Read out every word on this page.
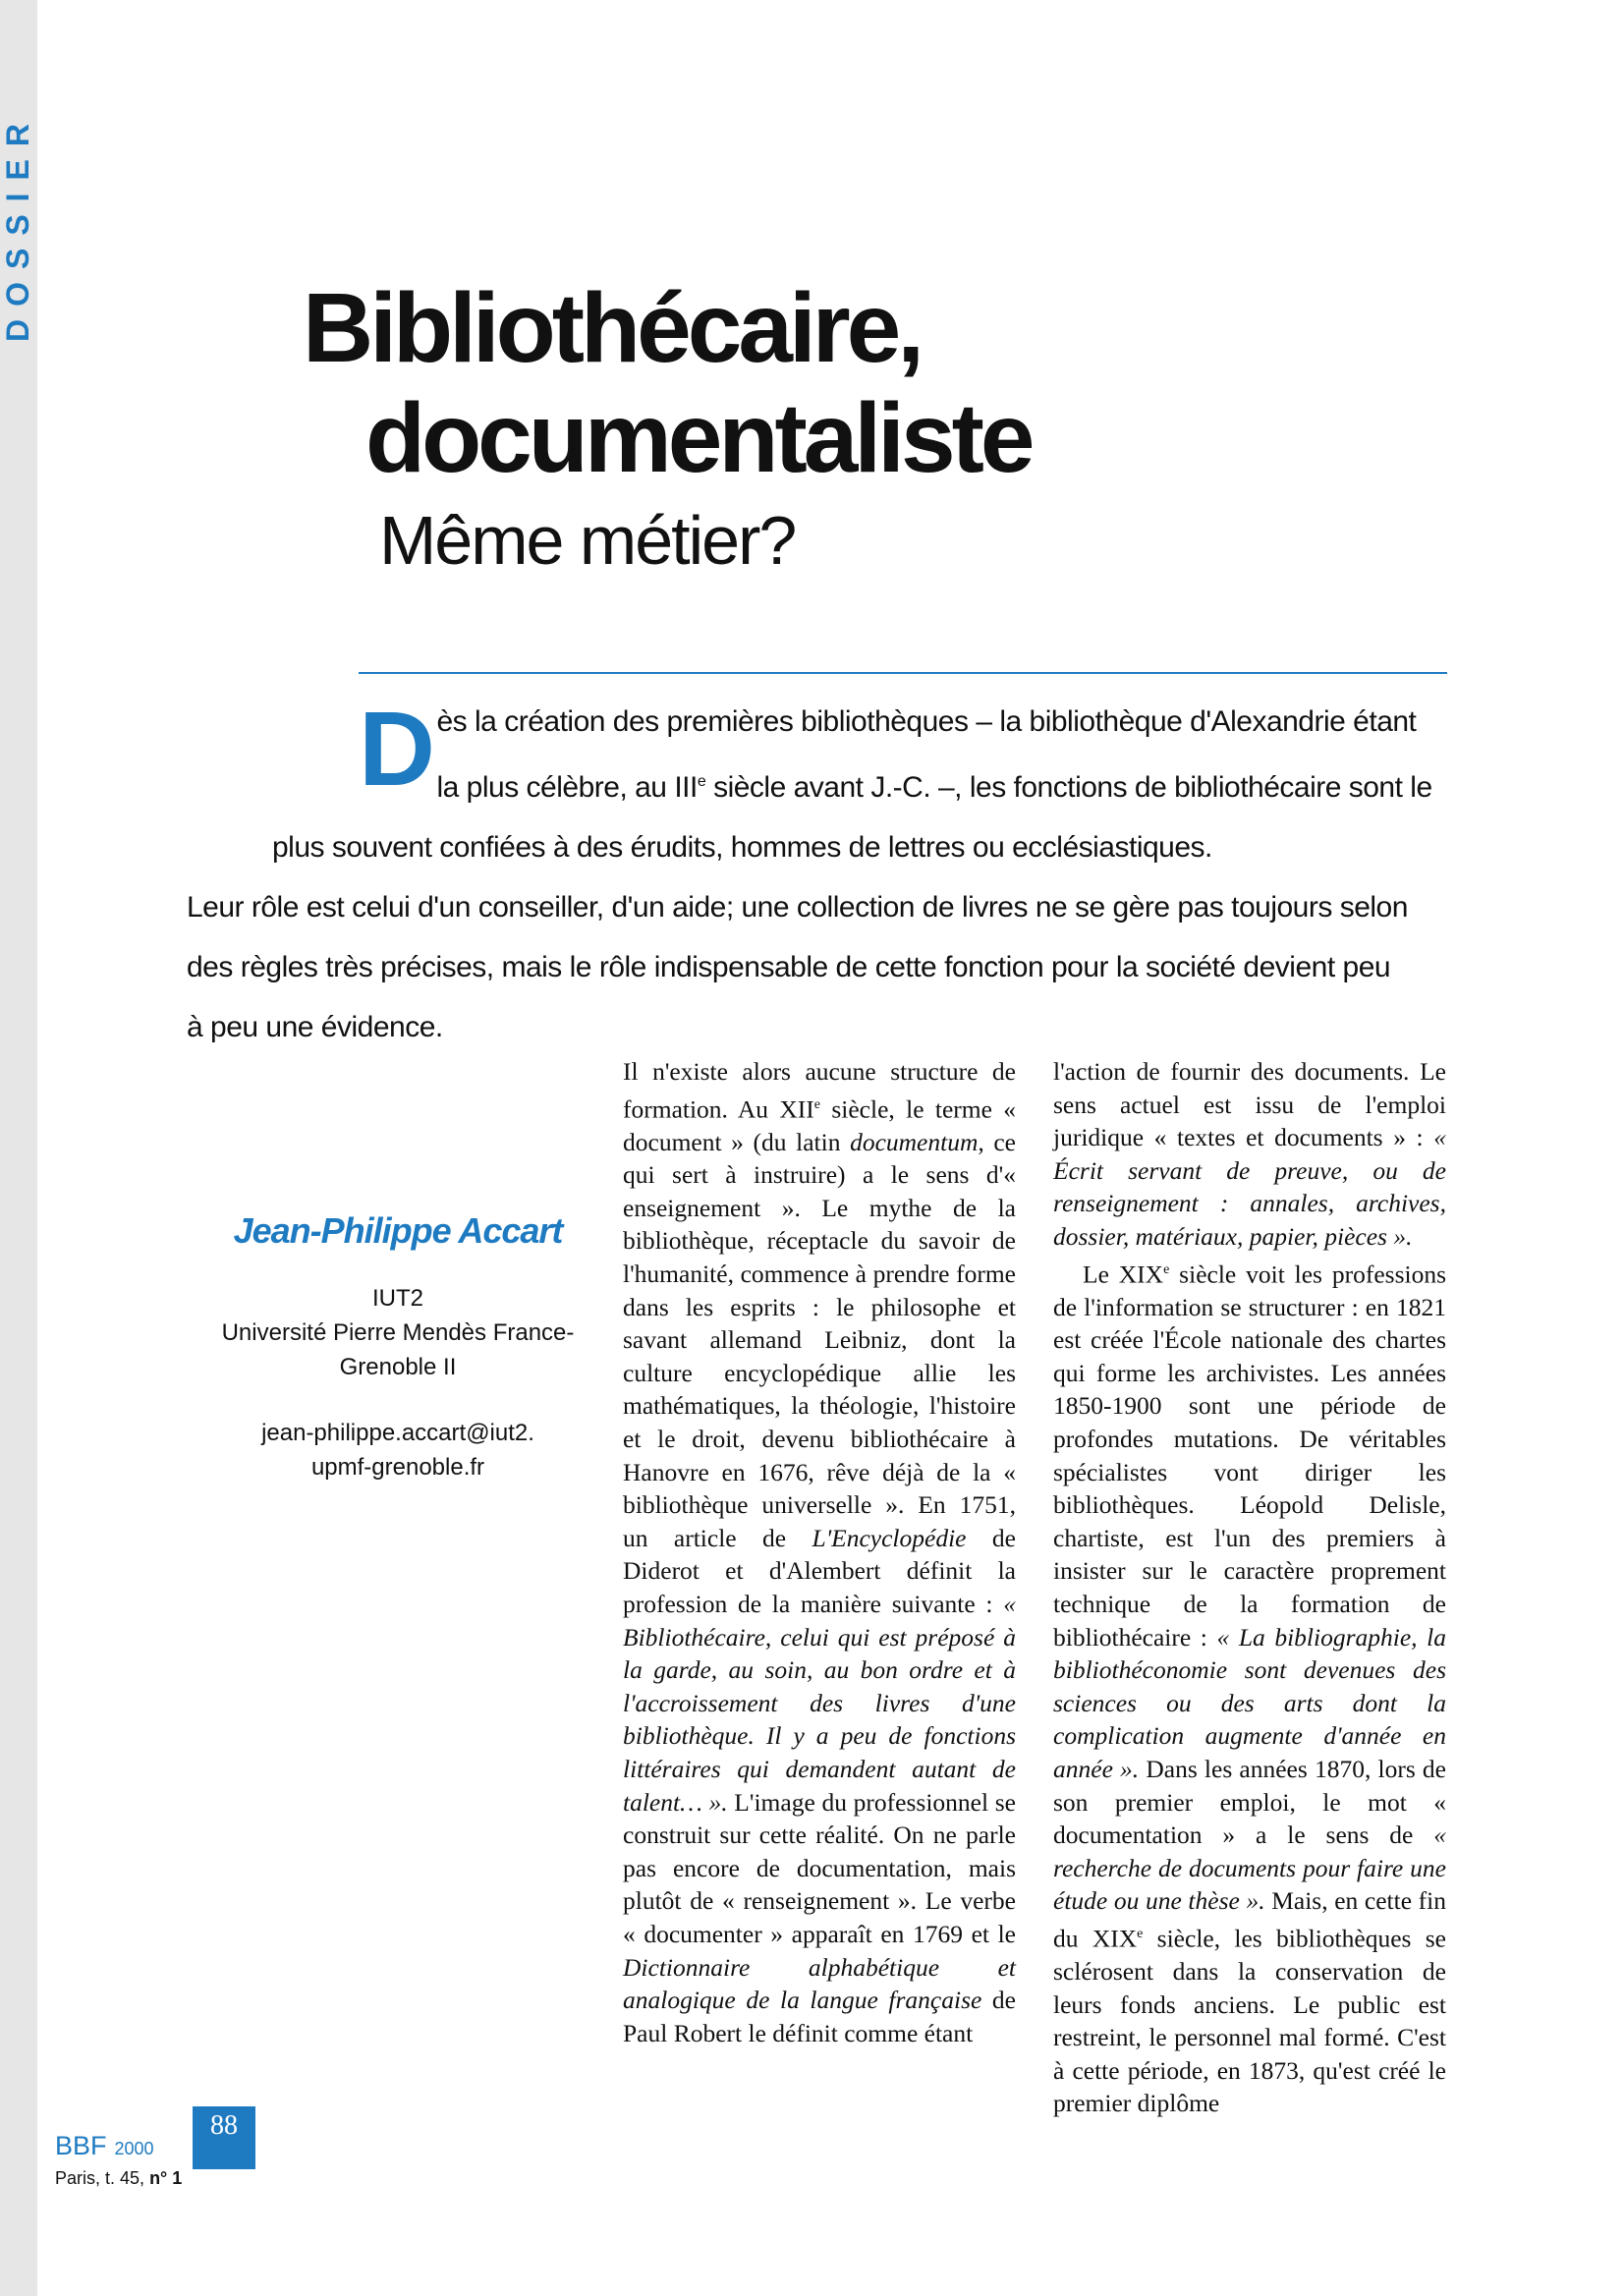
DOSSIER	Bibliothécaire,
documentaliste
Même métier?
D ès la création des premières bibliothèques – la bibliothèque d'Alexandrie étant
la plus célèbre, au IIIe siècle avant J.-C. –, les fonctions de bibliothécaire sont le
plus souvent confiées à des érudits, hommes de lettres ou ecclésiastiques.
Leur rôle est celui d'un conseiller, d'un aide; une collection de livres ne se gère pas toujours selon
des règles très précises, mais le rôle indispensable de cette fonction pour la société devient peu
à peu une évidence.

Jean-Philippe Accart

IUT2
Université Pierre Mendès France-
Grenoble II
jean-philippe.accart@iut2.
upmf-grenoble.fr

Il n'existe alors aucune structure de formation. Au XIIe siècle, le terme « document » (du latin documentum, ce qui sert à instruire) a le sens d'« enseignement ». Le mythe de la bibliothèque, réceptacle du savoir de l'humanité, commence à prendre forme dans les esprits : le philosophe et savant allemand Leibniz, dont la culture encyclopédique allie les mathématiques, la théologie, l'histoire et le droit, devenu bibliothécaire à Hanovre en 1676, rêve déjà de la « bibliothèque universelle ». En 1751, un article de L'Encyclopédie de Diderot et d'Alembert définit la profession de la manière suivante : « Bibliothécaire, celui qui est préposé à la garde, au soin, au bon ordre et à l'accroissement des livres d'une bibliothèque. Il y a peu de fonctions littéraires qui demandent autant de talent… ». L'image du professionnel se construit sur cette réalité. On ne parle pas encore de documentation, mais plutôt de « renseignement ». Le verbe « documenter » apparaît en 1769 et le Dictionnaire alphabétique et analogique de la langue française de Paul Robert le définit comme étant

l'action de fournir des documents. Le sens actuel est issu de l'emploi juridique « textes et documents » : « Écrit servant de preuve, ou de renseignement : annales, archives, dossier, matériaux, papier, pièces ».

Le XIXe siècle voit les professions de l'information se structurer : en 1821 est créée l'École nationale des chartes qui forme les archivistes. Les années 1850-1900 sont une période de profondes mutations. De véritables spécialistes vont diriger les bibliothèques. Léopold Delisle, chartiste, est l'un des premiers à insister sur le caractère proprement technique de la formation de bibliothécaire : « La bibliographie, la bibliothéconomie sont devenues des sciences ou des arts dont la complication augmente d'année en année ». Dans les années 1870, lors de son premier emploi, le mot « documentation » a le sens de « recherche de documents pour faire une étude ou une thèse ». Mais, en cette fin du XIXe siècle, les bibliothèques se sclérosent dans la conservation de leurs fonds anciens. Le public est restreint, le personnel mal formé. C'est à cette période, en 1873, qu'est créé le premier diplôme

BBF 2000
Paris, t. 45, n° 1
88
